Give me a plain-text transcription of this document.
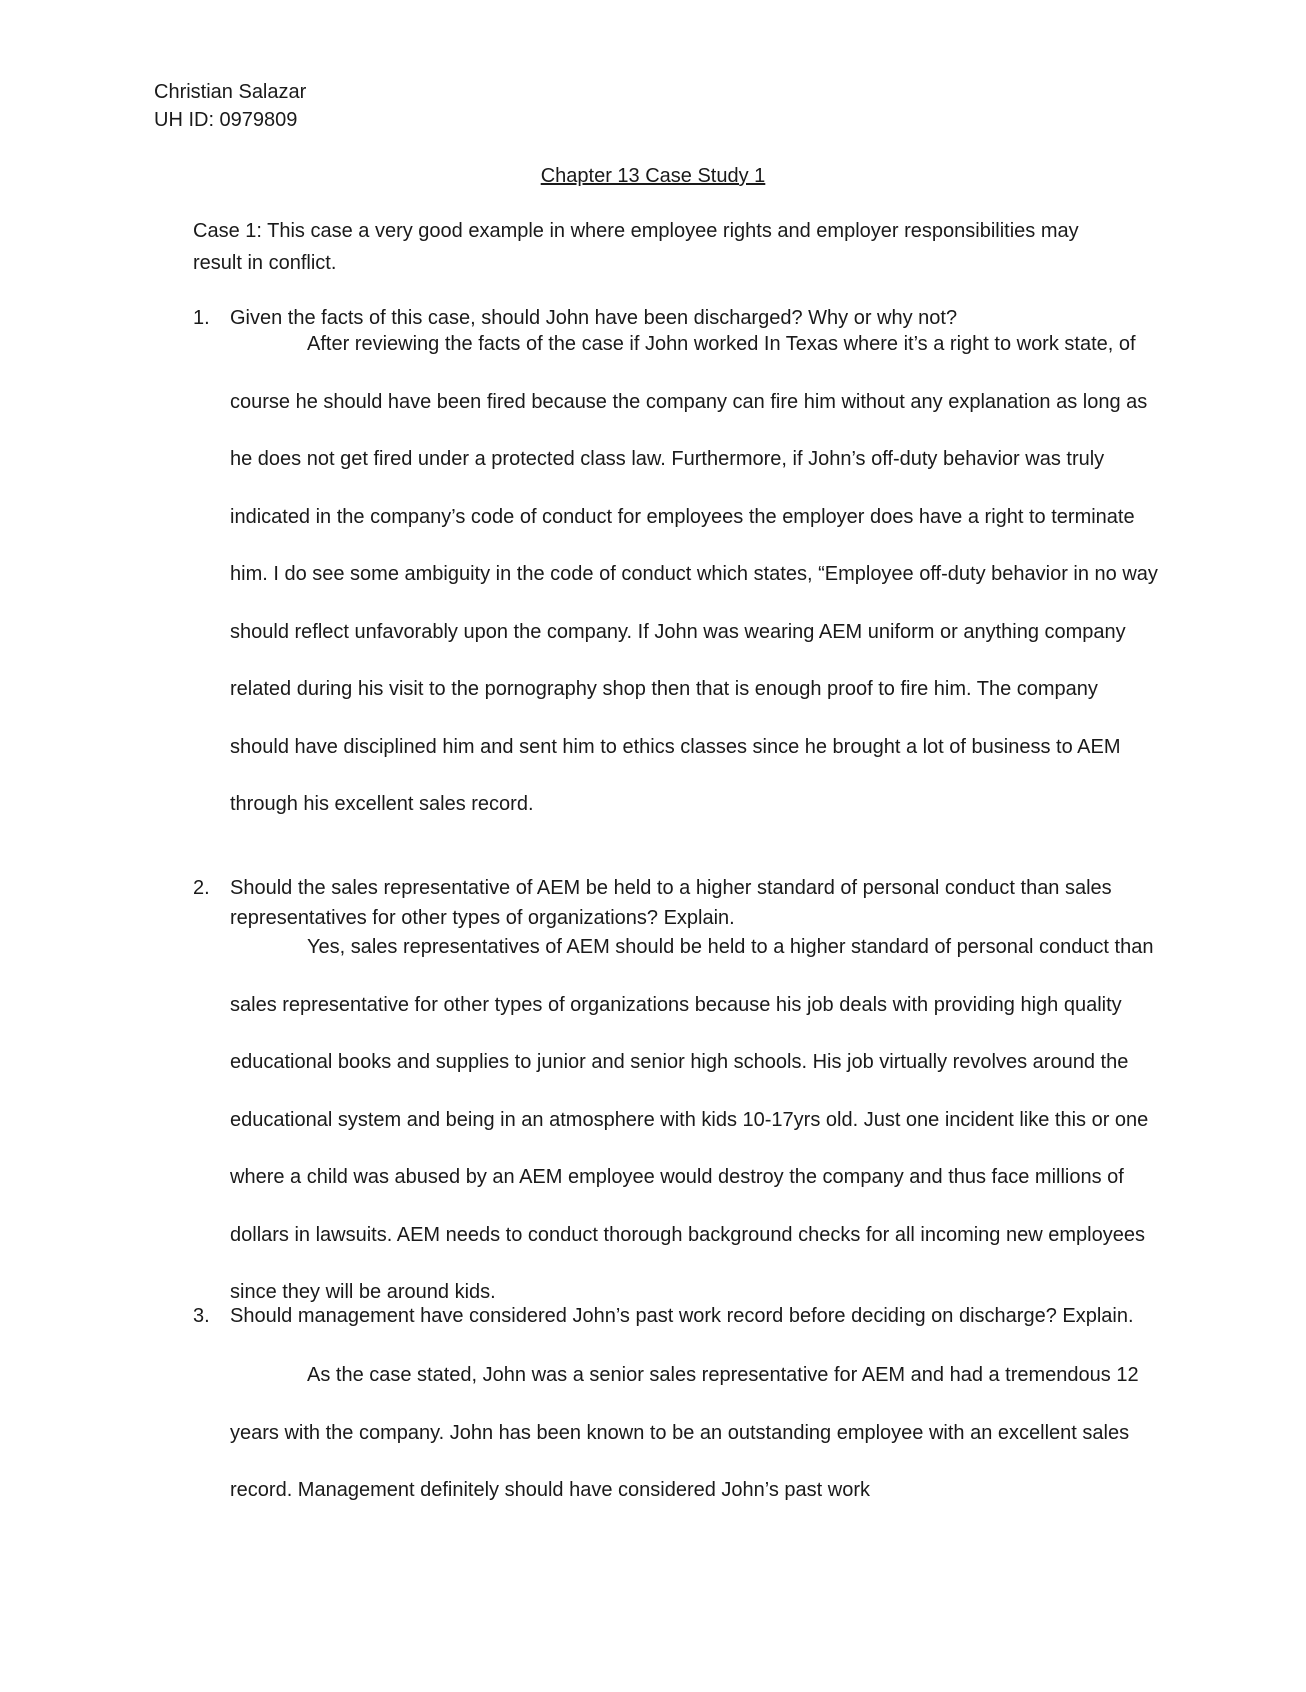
Christian Salazar
UH ID: 0979809
Chapter 13 Case Study 1
Case 1: This case a very good example in where employee rights and employer responsibilities may result in conflict.
1. Given the facts of this case, should John have been discharged? Why or why not?
After reviewing the facts of the case if John worked In Texas where it’s a right to work state, of course he should have been fired because the company can fire him without any explanation as long as he does not get fired under a protected class law. Furthermore, if John’s off-duty behavior was truly indicated in the company’s code of conduct for employees the employer does have a right to terminate him. I do see some ambiguity in the code of conduct which states, “Employee off-duty behavior in no way should reflect unfavorably upon the company. If John was wearing AEM uniform or anything company related during his visit to the pornography shop then that is enough proof to fire him. The company should have disciplined him and sent him to ethics classes since he brought a lot of business to AEM through his excellent sales record.
2. Should the sales representative of AEM be held to a higher standard of personal conduct than sales representatives for other types of organizations? Explain.
Yes, sales representatives of AEM should be held to a higher standard of personal conduct than sales representative for other types of organizations because his job deals with providing high quality educational books and supplies to junior and senior high schools. His job virtually revolves around the educational system and being in an atmosphere with kids 10-17yrs old. Just one incident like this or one where a child was abused by an AEM employee would destroy the company and thus face millions of dollars in lawsuits. AEM needs to conduct thorough background checks for all incoming new employees since they will be around kids.
3. Should management have considered John’s past work record before deciding on discharge? Explain.
As the case stated, John was a senior sales representative for AEM and had a tremendous 12 years with the company. John has been known to be an outstanding employee with an excellent sales record. Management definitely should have considered John’s past work
